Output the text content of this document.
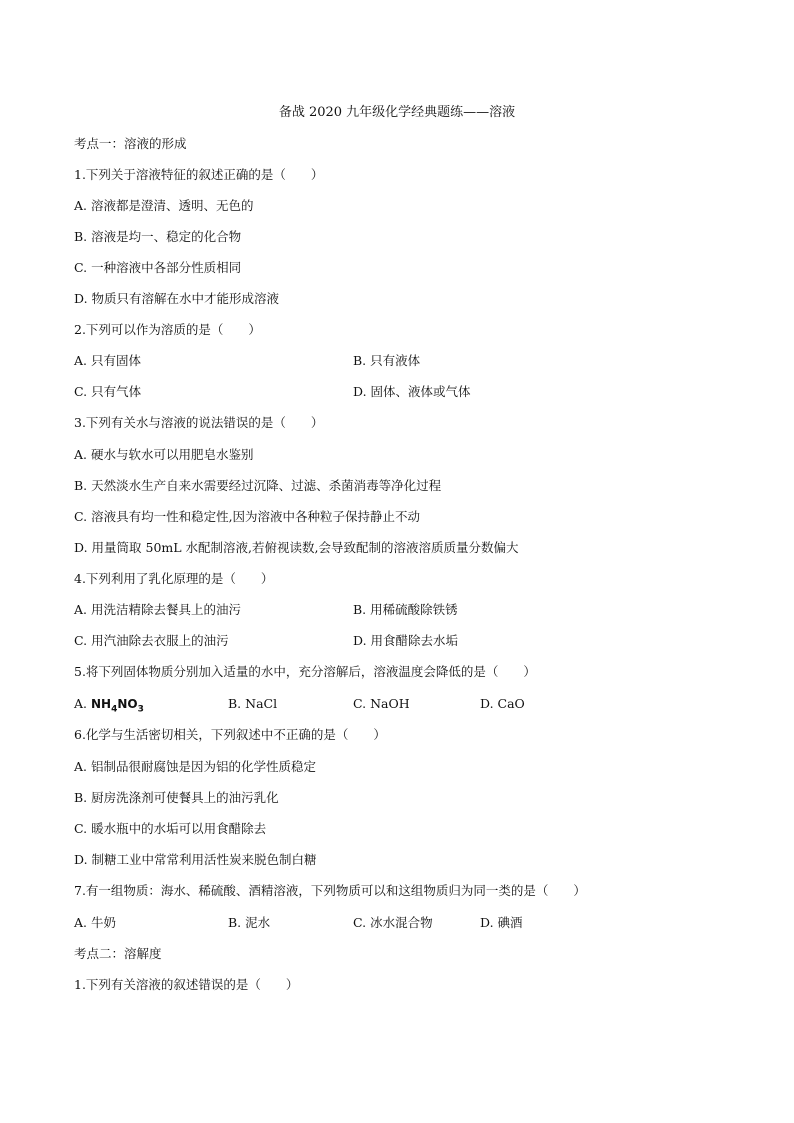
备战 2020 九年级化学经典题练——溶液
考点一：溶液的形成
1.下列关于溶液特征的叙述正确的是（　　）
A. 溶液都是澄清、透明、无色的
B. 溶液是均一、稳定的化合物
C. 一种溶液中各部分性质相同
D. 物质只有溶解在水中才能形成溶液
2.下列可以作为溶质的是（　　）
A. 只有固体	B. 只有液体
C. 只有气体	D. 固体、液体或气体
3.下列有关水与溶液的说法错误的是（　　）
A. 硬水与软水可以用肥皂水鉴别
B. 天然淡水生产自来水需要经过沉降、过滤、杀菌消毒等净化过程
C. 溶液具有均一性和稳定性,因为溶液中各种粒子保持静止不动
D. 用量筒取 50mL 水配制溶液,若俯视读数,会导致配制的溶液溶质质量分数偏大
4.下列利用了乳化原理的是（　　）
A. 用洗洁精除去餐具上的油污	B. 用稀硫酸除铁锈
C. 用汽油除去衣服上的油污	D. 用食醋除去水垢
5.将下列固体物质分别加入适量的水中，充分溶解后，溶液温度会降低的是（　　）
A. $NH_4NO_3$	B. NaCl	C. NaOH	D. CaO
6.化学与生活密切相关，下列叙述中不正确的是（　　）
A. 铝制品很耐腐蚀是因为铝的化学性质稳定
B. 厨房洗涤剂可使餐具上的油污乳化
C. 暖水瓶中的水垢可以用食醋除去
D. 制糖工业中常常利用活性炭来脱色制白糖
7.有一组物质：海水、稀硫酸、酒精溶液，下列物质可以和这组物质归为同一类的是（　　）
A. 牛奶	B. 泥水	C. 冰水混合物	D. 碘酒
考点二：溶解度
1.下列有关溶液的叙述错误的是（　　）
